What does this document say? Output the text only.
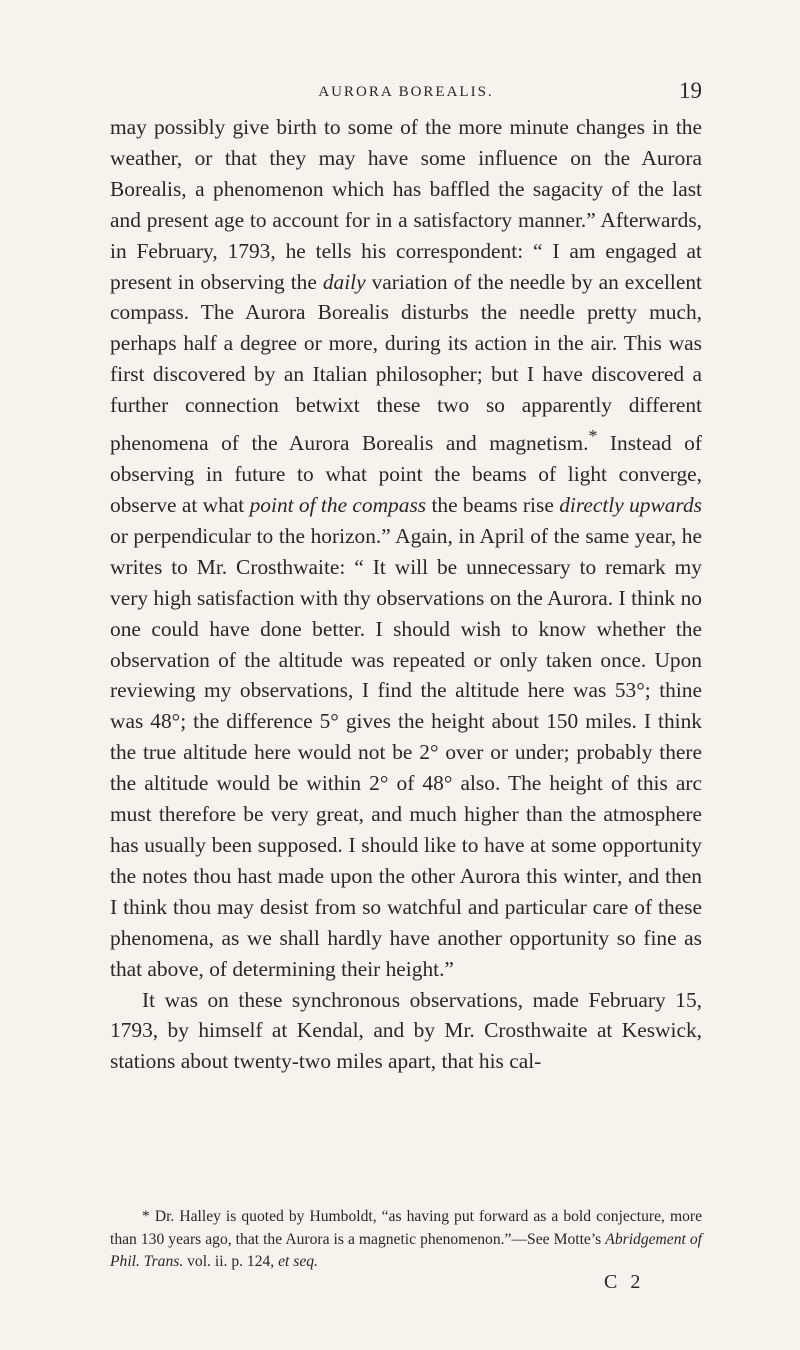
AURORA BOREALIS.	19

may possibly give birth to some of the more minute changes in the weather, or that they may have some influence on the Aurora Borealis, a phenomenon which has baffled the sagacity of the last and present age to account for in a satisfactory manner.” Afterwards, in February, 1793, he tells his correspondent: “ I am engaged at present in observing the daily variation of the needle by an excellent compass. The Aurora Borealis disturbs the needle pretty much, perhaps half a degree or more, during its action in the air. This was first discovered by an Italian philosopher; but I have discovered a further connection betwixt these two so apparently different phenomena of the Aurora Borealis and magnetism.* Instead of observing in future to what point the beams of light converge, observe at what point of the compass the beams rise directly upwards or perpendicular to the horizon.” Again, in April of the same year, he writes to Mr. Crosthwaite: “ It will be unnecessary to remark my very high satisfaction with thy observations on the Aurora. I think no one could have done better. I should wish to know whether the observation of the altitude was repeated or only taken once. Upon reviewing my observations, I find the altitude here was 53°; thine was 48°; the difference 5° gives the height about 150 miles. I think the true altitude here would not be 2° over or under; probably there the altitude would be within 2° of 48° also. The height of this arc must therefore be very great, and much higher than the atmosphere has usually been supposed. I should like to have at some opportunity the notes thou hast made upon the other Aurora this winter, and then I think thou may desist from so watchful and particular care of these phenomena, as we shall hardly have another opportunity so fine as that above, of determining their height.”

It was on these synchronous observations, made February 15, 1793, by himself at Kendal, and by Mr. Crosthwaite at Keswick, stations about twenty-two miles apart, that his cal-

* Dr. Halley is quoted by Humboldt, “as having put forward as a bold conjecture, more than 130 years ago, that the Aurora is a magnetic phenomenon.”—See Motte’s Abridgement of Phil. Trans. vol. ii. p. 124, et seq.

C 2
